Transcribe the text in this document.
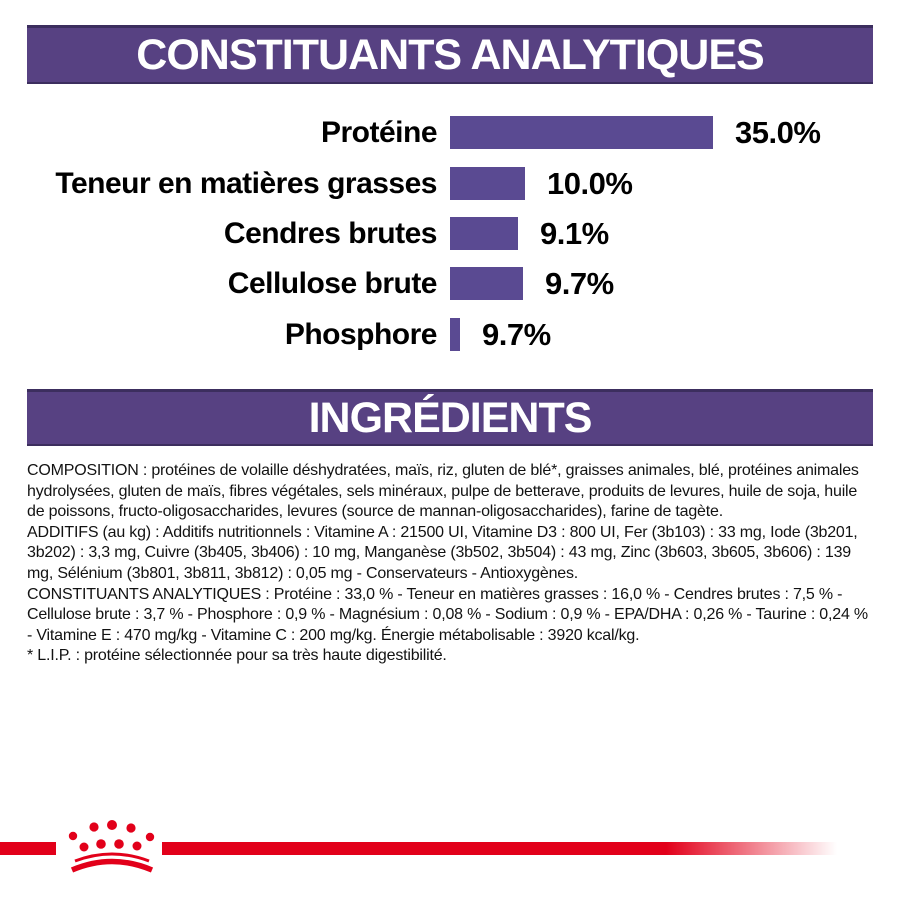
CONSTITUANTS ANALYTIQUES
Protéine	35.0%
Teneur en matières grasses	10.0%
Cendres brutes	9.1%
Cellulose brute	9.7%
Phosphore 9.7%
INGRÉDIENTS

COMPOSITION : protéines de volaille déshydratées, maïs, riz, gluten de blé*, graisses animales, blé, protéines animales hydrolysées, gluten de maïs, fibres végétales, sels minéraux, pulpe de betterave, produits de levures, huile de soja, huile de poissons, fructo-oligosaccharides, levures (source de mannan-oligosaccharides), farine de tagète.

ADDITIFS (au kg) : Additifs nutritionnels : Vitamine A : 21500 UI, Vitamine D3 : 800 UI, Fer (3b103) : 33 mg, Iode (3b201, 3b202) : 3,3 mg, Cuivre (3b405, 3b406) : 10 mg, Manganèse (3b502, 3b504) : 43 mg, Zinc (3b603, 3b605, 3b606) : 139 mg, Sélénium (3b801, 3b811, 3b812) : 0,05 mg - Conservateurs - Antioxygènes.

CONSTITUANTS ANALYTIQUES : Protéine : 33,0 % - Teneur en matières grasses : 16,0 % - Cendres brutes : 7,5 % - Cellulose brute : 3,7 % - Phosphore : 0,9 % - Magnésium : 0,08 % - Sodium : 0,9 % - EPA/DHA : 0,26 % - Taurine : 0,24 % - Vitamine E : 470 mg/kg - Vitamine C : 200 mg/kg. Énergie métabolisable : 3920 kcal/kg.

* L.I.P. : protéine sélectionnée pour sa très haute digestibilité.
